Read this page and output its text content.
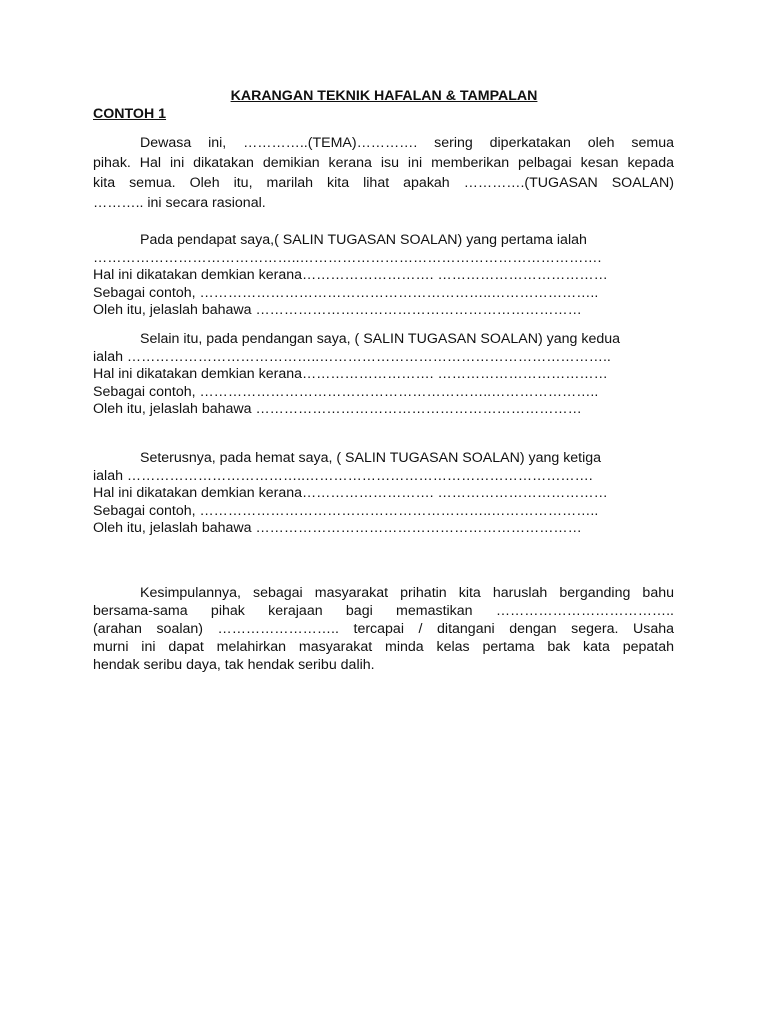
KARANGAN TEKNIK HAFALAN & TAMPALAN
CONTOH 1
Dewasa ini, …………..(TEMA)…………. sering diperkatakan oleh semua
pihak. Hal ini dikatakan demikian kerana isu ini memberikan pelbagai kesan kepada
kita semua. Oleh itu, marilah kita lihat apakah ………….(TUGASAN SOALAN)
……….. ini secara rasional.
Pada pendapat saya,( SALIN TUGASAN SOALAN) yang pertama ialah
……………………………………..……………………………………………………….
Hal ini dikatakan demkian kerana………………………. ………………………………
Sebagai contoh, ……………………………………………………..…………………..
Oleh itu, jelaslah bahawa ……………………………………………………………
Selain itu, pada pendangan saya, ( SALIN TUGASAN SOALAN) yang kedua
ialah …………………………………..……………………………………………………..
Hal ini dikatakan demkian kerana………………………. ………………………………
Sebagai contoh, ……………………………………………………..…………………..
Oleh itu, jelaslah bahawa ……………………………………………………………
Seterusnya, pada hemat saya, ( SALIN TUGASAN SOALAN) yang ketiga
ialah ………………………………..…………………………………………………….
Hal ini dikatakan demkian kerana………………………. ………………………………
Sebagai contoh, ……………………………………………………..…………………..
Oleh itu, jelaslah bahawa ……………………………………………………………
Kesimpulannya, sebagai masyarakat prihatin kita haruslah berganding bahu
bersama-sama pihak kerajaan bagi memastikan ………………………………..
(arahan soalan) …………………….. tercapai / ditangani dengan segera. Usaha
murni ini dapat melahirkan masyarakat minda kelas pertama bak kata pepatah
hendak seribu daya, tak hendak seribu dalih.
